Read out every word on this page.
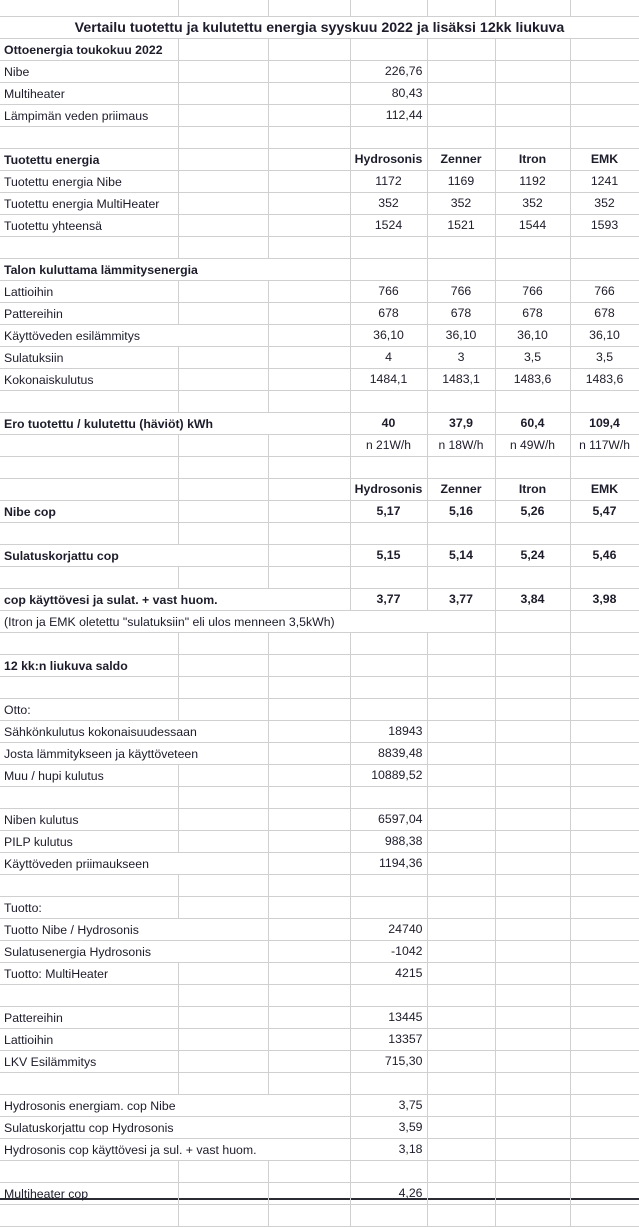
Vertailu tuotettu ja kulutettu energia syyskuu 2022 ja lisäksi 12kk liukuva						

Ottoenergia toukokuu 2022						

Nibe			226,76			

Multiheater			80,43			

Lämpimän veden priimaus			112,44			

Tuotettu energia			Hydrosonis	Zenner	Itron	EMK

Tuotettu energia Nibe			1172	1169	1192	1241

Tuotettu energia MultiHeater			352	352	352	352

Tuotettu yhteensä			1524	1521	1544	1593

Talon kuluttama lämmitysenergia						

Lattioihin			766	766	766	766

Pattereihin			678	678	678	678

Käyttöveden esilämmitys			36,10	36,10	36,10	36,10

Sulatuksiin			4	3	3,5	3,5

Kokonaiskulutus			1484,1	1483,1	1483,6	1483,6

Ero tuotettu / kulutettu (häviöt) kWh			40	37,9	60,4	109,4
			n 21W/h	n 18W/h	n 49W/h	n 117W/h

			Hydrosonis	Zenner	Itron	EMK

Nibe cop			5,17	5,16	5,26	5,47

Sulatuskorjattu cop			5,15	5,14	5,24	5,46

cop käyttövesi ja sulat. + vast huom.			3,77	3,77	3,84	3,98

(Itron ja EMK oletettu "sulatuksiin" eli ulos menneen 3,5kWh)						

12 kk:n liukuva saldo						

Otto:						

Sähkönkulutus kokonaisuudessaan			18943			

Josta lämmitykseen ja käyttöveteen			8839,48			

Muu / hupi kulutus			10889,52			

Niben kulutus			6597,04			

PILP kulutus			988,38			

Käyttöveden priimaukseen			1194,36			

Tuotto:						

Tuotto Nibe / Hydrosonis			24740			

Sulatusenergia Hydrosonis			-1042			

Tuotto: MultiHeater			4215			

Pattereihin			13445			

Lattioihin			13357			

LKV Esilämmitys			715,30			

Hydrosonis energiam. cop Nibe			3,75			

Sulatuskorjattu cop Hydrosonis			3,59			

Hydrosonis cop käyttövesi ja sul. + vast huom.			3,18			

Multiheater cop			4,26			
